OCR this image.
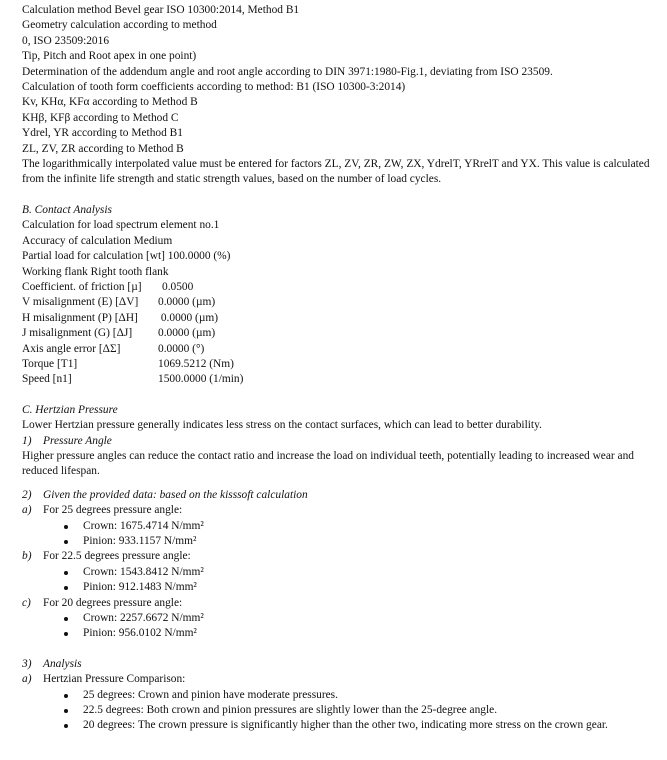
Calculation method Bevel gear ISO 10300:2014, Method B1
Geometry calculation according to method
0, ISO 23509:2016
Tip, Pitch and Root apex in one point)
Determination of the addendum angle and root angle according to DIN 3971:1980-Fig.1, deviating from ISO 23509.
Calculation of tooth form coefficients according to method: B1 (ISO 10300-3:2014)
Kv, KHα, KFα according to Method B
KHβ, KFβ according to Method C
Ydrel, YR according to Method B1
ZL, ZV, ZR according to Method B
The logarithmically interpolated value must be entered for factors ZL, ZV, ZR, ZW, ZX, YdrelT, YRrelT and YX. This value is calculated from the infinite life strength and static strength values, based on the number of load cycles.
B. Contact Analysis
Calculation for load spectrum element no.1
Accuracy of calculation Medium
Partial load for calculation [wt] 100.0000 (%)
Working flank Right tooth flank
Coefficient. of friction [µ]	0.0500
V misalignment (E) [ΔV]	0.0000 (µm)
H misalignment (P) [ΔH]	0.0000 (µm)
J misalignment (G) [ΔJ]	0.0000 (µm)
Axis angle error [ΔΣ]	0.0000 (°)
Torque [T1]	1069.5212 (Nm)
Speed [n1]	1500.0000 (1/min)
C. Hertzian Pressure
Lower Hertzian pressure generally indicates less stress on the contact surfaces, which can lead to better durability.
1)	Pressure Angle
Higher pressure angles can reduce the contact ratio and increase the load on individual teeth, potentially leading to increased wear and reduced lifespan.
2)	Given the provided data: based on the kisssoft calculation
a)	For 25 degrees pressure angle:
Crown: 1675.4714 N/mm²
Pinion: 933.1157 N/mm²
b)	For 22.5 degrees pressure angle:
Crown: 1543.8412 N/mm²
Pinion: 912.1483 N/mm²
c)	For 20 degrees pressure angle:
Crown: 2257.6672 N/mm²
Pinion: 956.0102 N/mm²
3)	Analysis
a)	Hertzian Pressure Comparison:
25 degrees: Crown and pinion have moderate pressures.
22.5 degrees: Both crown and pinion pressures are slightly lower than the 25-degree angle.
20 degrees: The crown pressure is significantly higher than the other two, indicating more stress on the crown gear.
